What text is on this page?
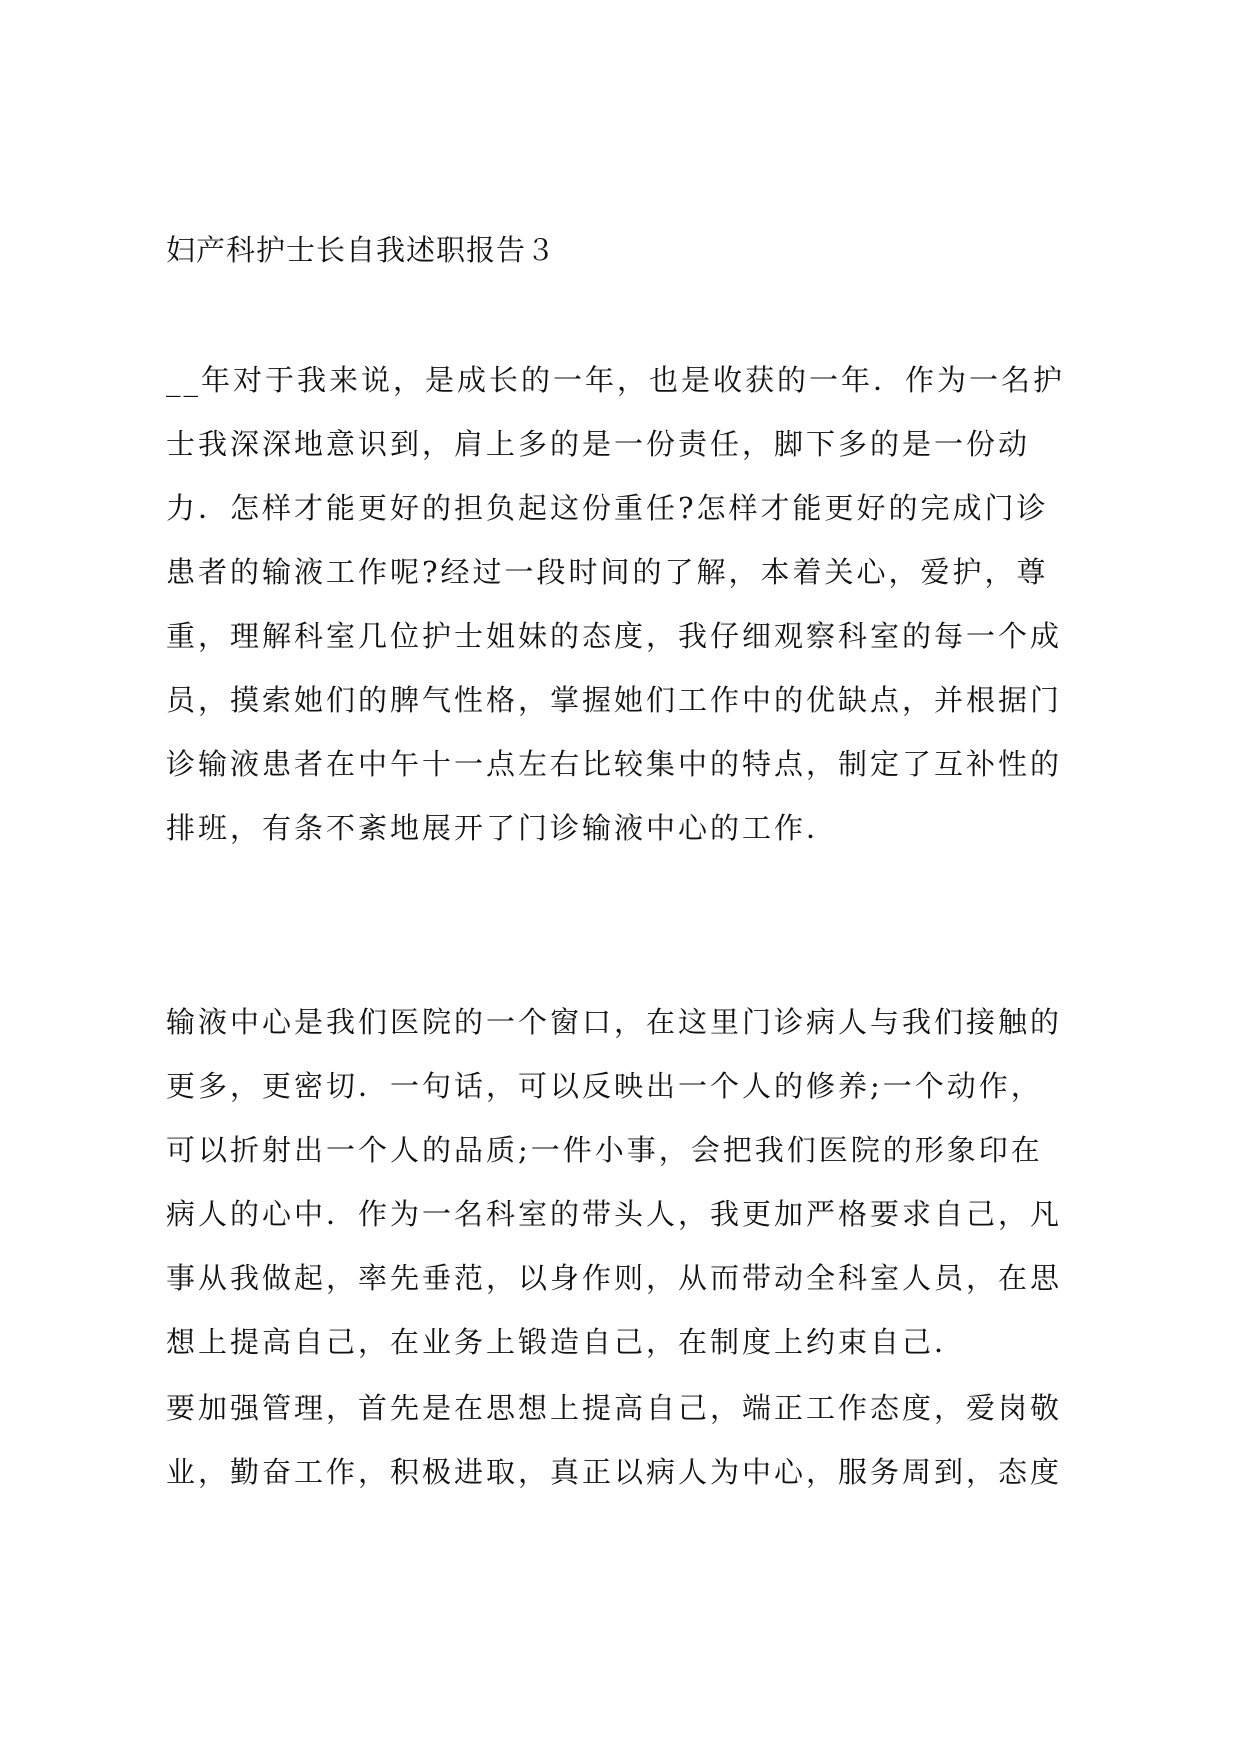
妇产科护士长自我述职报告３
__年对于我来说，是成长的一年，也是收获的一年．作为一名护
士我深深地意识到，肩上多的是一份责任，脚下多的是一份动
力．怎样才能更好的担负起这份重任?怎样才能更好的完成门诊
患者的输液工作呢?经过一段时间的了解，本着关心，爱护，尊
重，理解科室几位护士姐妹的态度，我仔细观察科室的每一个成
员，摸索她们的脾气性格，掌握她们工作中的优缺点，并根据门
诊输液患者在中午十一点左右比较集中的特点，制定了互补性的
排班，有条不紊地展开了门诊输液中心的工作．
输液中心是我们医院的一个窗口，在这里门诊病人与我们接触的
更多，更密切．一句话，可以反映出一个人的修养;一个动作，
可以折射出一个人的品质;一件小事，会把我们医院的形象印在
病人的心中．作为一名科室的带头人，我更加严格要求自己，凡
事从我做起，率先垂范，以身作则，从而带动全科室人员，在思
想上提高自己，在业务上锻造自己，在制度上约束自己．
要加强管理，首先是在思想上提高自己，端正工作态度，爱岗敬
业，勤奋工作，积极进取，真正以病人为中心，服务周到，态度
